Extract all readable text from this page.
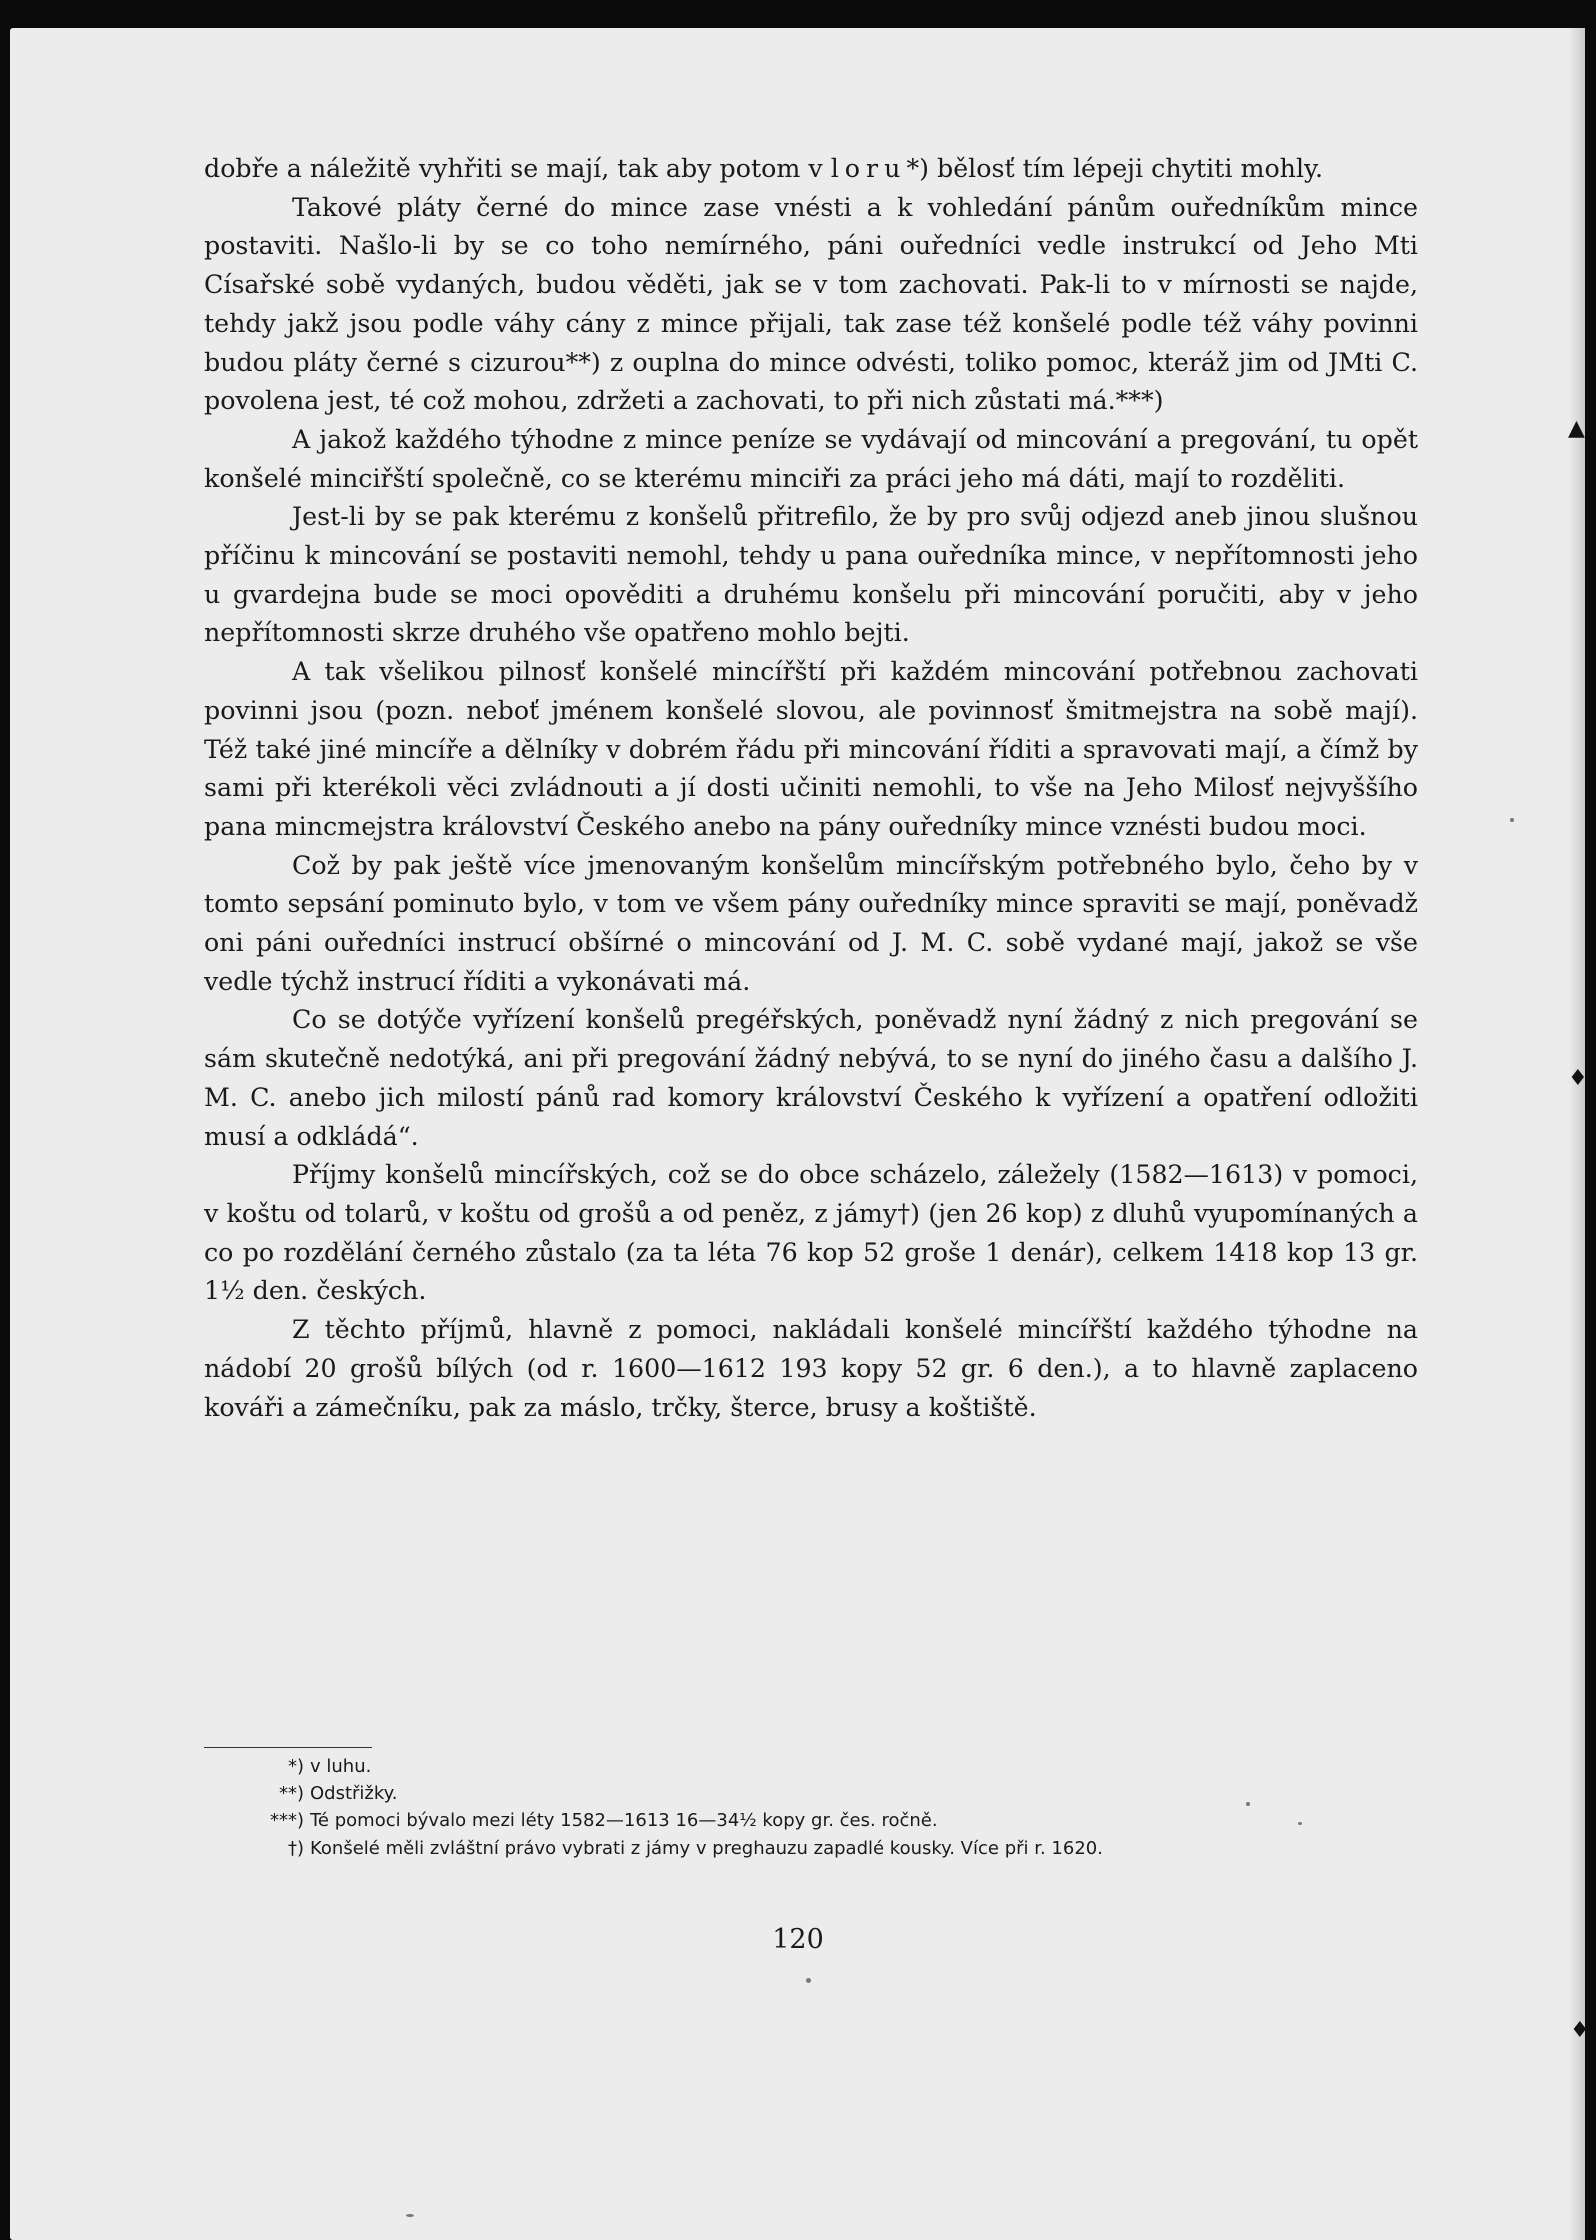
▲
♦
♦

dobře a náležitě vyhřiti se mají, tak aby potom v loru*) bělosť tím lépeji chytiti mohly.

Takové pláty černé do mince zase vnésti a k vohledání pánům ouředníkům mince postaviti. Našlo-li by se co toho nemírného, páni ouředníci vedle instrukcí od Jeho Mti Císařské sobě vydaných, budou věděti, jak se v tom zachovati. Pak-li to v mírnosti se najde, tehdy jakž jsou podle váhy cány z mince přijali, tak zase též konšelé podle též váhy povinni budou pláty černé s cizurou**) z ouplna do mince odvésti, toliko pomoc, kteráž jim od JMti C. povolena jest, té což mohou, zdržeti a zachovati, to při nich zůstati má.***)

A jakož každého týhodne z mince peníze se vydávají od mincování a pregování, tu opět konšelé minciřští společně, co se kterému minciři za práci jeho má dáti, mají to rozděliti.

Jest-li by se pak kterému z konšelů přitrefilo, že by pro svůj odjezd aneb jinou slušnou příčinu k mincování se postaviti nemohl, tehdy u pana ouředníka mince, v nepřítomnosti jeho u gvardejna bude se moci opověditi a druhému konšelu při mincování poručiti, aby v jeho nepřítomnosti skrze druhého vše opatřeno mohlo bejti.

A tak všelikou pilnosť konšelé mincířští při každém mincování potřebnou zachovati povinni jsou (pozn. neboť jménem konšelé slovou, ale povinnosť šmitmejstra na sobě mají). Též také jiné mincíře a dělníky v dobrém řádu při mincování říditi a spravovati mají, a čímž by sami při kterékoli věci zvládnouti a jí dosti učiniti nemohli, to vše na Jeho Milosť nejvyššího pana mincmejstra království Českého anebo na pány ouředníky mince vznésti budou moci.

Což by pak ještě více jmenovaným konšelům mincířským potřebného bylo, čeho by v tomto sepsání pominuto bylo, v tom ve všem pány ouředníky mince spraviti se mají, poněvadž oni páni ouředníci instrucí obšírné o mincování od J. M. C. sobě vydané mají, jakož se vše vedle týchž instrucí říditi a vykonávati má.

Co se dotýče vyřízení konšelů pregéřských, poněvadž nyní žádný z nich pregování se sám skutečně nedotýká, ani při pregování žádný nebývá, to se nyní do jiného času a dalšího J. M. C. anebo jich milostí pánů rad komory království Českého k vyřízení a opatření odložiti musí a odkládá“.

Příjmy konšelů mincířských, což se do obce scházelo, záležely (1582—1613) v pomoci, v koštu od tolarů, v koštu od grošů a od peněz, z jámy†) (jen 26 kop) z dluhů vyupomínaných a co po rozdělání černého zůstalo (za ta léta 76 kop 52 groše 1 denár), celkem 1418 kop 13 gr. 1½ den. českých.

Z těchto příjmů, hlavně z pomoci, nakládali konšelé mincířští každého týhodne na nádobí 20 grošů bílých (od r. 1600—1612 193 kopy 52 gr. 6 den.), a to hlavně zaplaceno kováři a zámečníku, pak za máslo, trčky, šterce, brusy a koštiště.

*) v luhu.
**) Odstřižky.
***) Té pomoci bývalo mezi léty 1582—1613 16—34½ kopy gr. čes. ročně.
†) Konšelé měli zvláštní právo vybrati z jámy v preghauzu zapadlé kousky. Více při r. 1620.
120
